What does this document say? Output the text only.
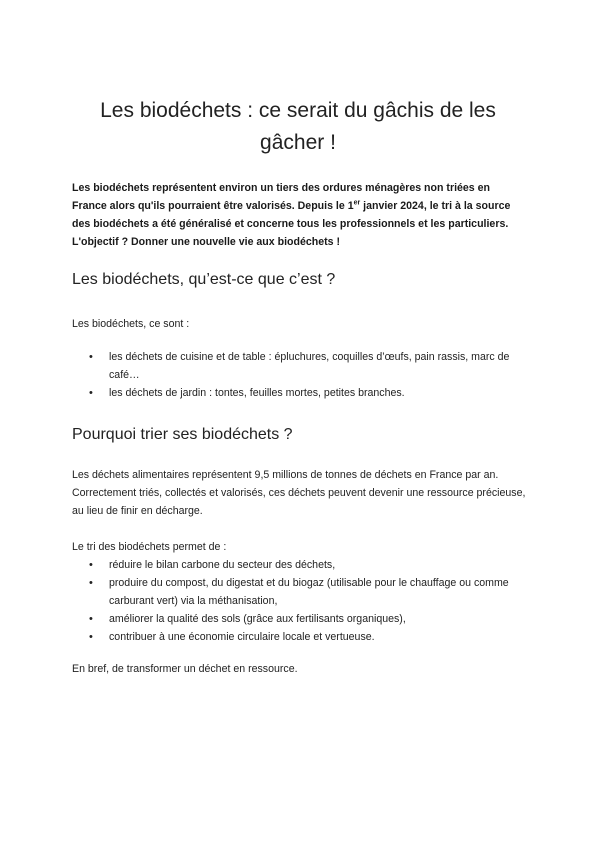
Les biodéchets : ce serait du gâchis de les gâcher !

Les biodéchets représentent environ un tiers des ordures ménagères non triées en France alors qu'ils pourraient être valorisés. Depuis le 1er janvier 2024, le tri à la source des biodéchets a été généralisé et concerne tous les professionnels et les particuliers. L'objectif ? Donner une nouvelle vie aux biodéchets !

Les biodéchets, qu’est-ce que c’est ?

Les biodéchets, ce sont :

• les déchets de cuisine et de table : épluchures, coquilles d’œufs, pain rassis, marc de café…
• les déchets de jardin : tontes, feuilles mortes, petites branches.
Pourquoi trier ses biodéchets ?

Les déchets alimentaires représentent 9,5 millions de tonnes de déchets en France par an. Correctement triés, collectés et valorisés, ces déchets peuvent devenir une ressource précieuse, au lieu de finir en décharge.

Le tri des biodéchets permet de :

• réduire le bilan carbone du secteur des déchets,
• produire du compost, du digestat et du biogaz (utilisable pour le chauffage ou comme carburant vert) via la méthanisation,
• améliorer la qualité des sols (grâce aux fertilisants organiques),
• contribuer à une économie circulaire locale et vertueuse.

En bref, de transformer un déchet en ressource.
